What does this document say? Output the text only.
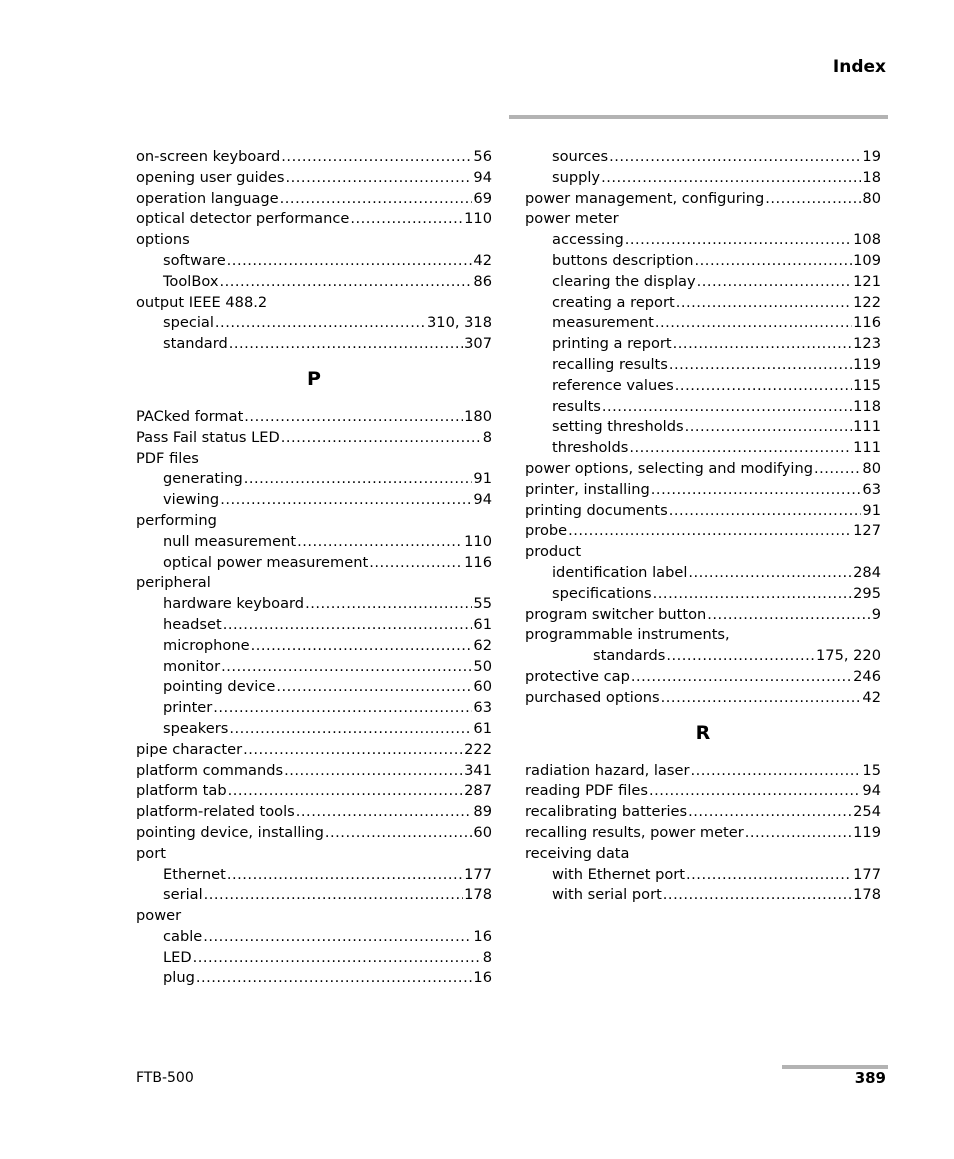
Index
on-screen keyboard .....	56
opening user guides .....	94
operation language .....	69
optical detector performance .....	110
options
software .....	42
ToolBox .....	86
output IEEE 488.2
special .....	310, 318
standard .....	307
P
PACked format .....	180
Pass Fail status LED .....	8
PDF files
generating .....	91
viewing .....	94
performing
null measurement .....	110
optical power measurement .....	116
peripheral
hardware keyboard .....	55
headset .....	61
microphone .....	62
monitor .....	50
pointing device .....	60
printer .....	63
speakers .....	61
pipe character .....	222
platform commands .....	341
platform tab .....	287
platform-related tools .....	89
pointing device, installing .....	60
port
Ethernet .....	177
serial .....	178
power
cable .....	16
LED .....	8
plug .....	16
sources .....	19
supply .....	18
power management, configuring .....	80
power meter
accessing .....	108
buttons description .....	109
clearing the display .....	121
creating a report .....	122
measurement .....	116
printing a report .....	123
recalling results .....	119
reference values .....	115
results .....	118
setting thresholds .....	111
thresholds .....	111
power options, selecting and modifying .....	80
printer, installing .....	63
printing documents .....	91
probe .....	127
product
identification label .....	284
specifications .....	295
program switcher button .....	9
programmable instruments,
standards .....	175, 220
protective cap .....	246
purchased options .....	42
R
radiation hazard, laser .....	15
reading PDF files .....	94
recalibrating batteries .....	254
recalling results, power meter .....	119
receiving data
with Ethernet port .....	177
with serial port .....	178
FTB-500	389
